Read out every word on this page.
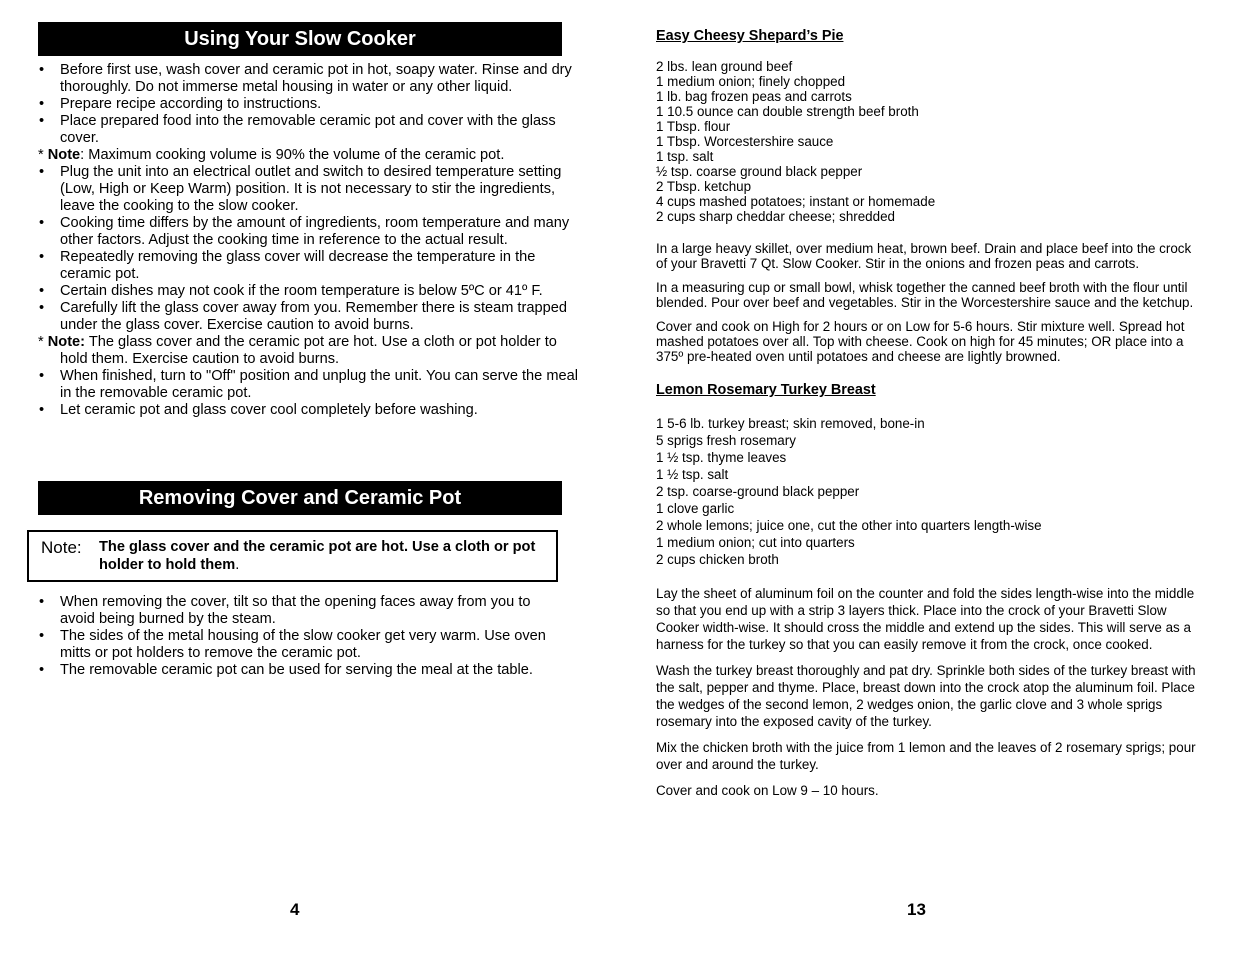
Using Your Slow Cooker
• Before first use, wash cover and ceramic pot in hot, soapy water. Rinse and dry thoroughly. Do not immerse metal housing in water or any other liquid.
• Prepare recipe according to instructions.
• Place prepared food into the removable ceramic pot and cover with the glass cover.
* Note: Maximum cooking volume is 90% the volume of the ceramic pot.
• Plug the unit into an electrical outlet and switch to desired temperature setting (Low, High or Keep Warm) position. It is not necessary to stir the ingredients, leave the cooking to the slow cooker.
• Cooking time differs by the amount of ingredients, room temperature and many other factors. Adjust the cooking time in reference to the actual result.
• Repeatedly removing the glass cover will decrease the temperature in the ceramic pot.
• Certain dishes may not cook if the room temperature is below 5ºC or 41º F.
• Carefully lift the glass cover away from you. Remember there is steam trapped under the glass cover. Exercise caution to avoid burns.
* Note: The glass cover and the ceramic pot are hot. Use a cloth or pot holder to hold them. Exercise caution to avoid burns.
• When finished, turn to "Off" position and unplug the unit. You can serve the meal in the removable ceramic pot.
• Let ceramic pot and glass cover cool completely before washing.
Removing Cover and Ceramic Pot
Note: The glass cover and the ceramic pot are hot. Use a cloth or pot holder to hold them.
• When removing the cover, tilt so that the opening faces away from you to avoid being burned by the steam.
• The sides of the metal housing of the slow cooker get very warm. Use oven mitts or pot holders to remove the ceramic pot.
• The removable ceramic pot can be used for serving the meal at the table.
4

Easy Cheesy Shepard’s Pie

2 lbs. lean ground beef
1 medium onion; finely chopped
1 lb. bag frozen peas and carrots
1 10.5 ounce can double strength beef broth
1 Tbsp. flour
1 Tbsp. Worcestershire sauce
1 tsp. salt
½ tsp. coarse ground black pepper
2 Tbsp. ketchup
4 cups mashed potatoes; instant or homemade
2 cups sharp cheddar cheese; shredded

In a large heavy skillet, over medium heat, brown beef. Drain and place beef into the crock of your Bravetti 7 Qt. Slow Cooker. Stir in the onions and frozen peas and carrots.

In a measuring cup or small bowl, whisk together the canned beef broth with the flour until blended. Pour over beef and vegetables. Stir in the Worcestershire sauce and the ketchup.

Cover and cook on High for 2 hours or on Low for 5-6 hours. Stir mixture well. Spread hot mashed potatoes over all. Top with cheese. Cook on high for 45 minutes; OR place into a 375º pre-heated oven until potatoes and cheese are lightly browned.

Lemon Rosemary Turkey Breast

1 5-6 lb. turkey breast; skin removed, bone-in
5 sprigs fresh rosemary
1 ½ tsp. thyme leaves
1 ½ tsp. salt
2 tsp. coarse-ground black pepper
1 clove garlic
2 whole lemons; juice one, cut the other into quarters length-wise
1 medium onion; cut into quarters
2 cups chicken broth

Lay the sheet of aluminum foil on the counter and fold the sides length-wise into the middle so that you end up with a strip 3 layers thick. Place into the crock of your Bravetti Slow Cooker width-wise. It should cross the middle and extend up the sides. This will serve as a harness for the turkey so that you can easily remove it from the crock, once cooked.

Wash the turkey breast thoroughly and pat dry. Sprinkle both sides of the turkey breast with the salt, pepper and thyme. Place, breast down into the crock atop the aluminum foil. Place the wedges of the second lemon, 2 wedges onion, the garlic clove and 3 whole sprigs rosemary into the exposed cavity of the turkey.

Mix the chicken broth with the juice from 1 lemon and the leaves of 2 rosemary sprigs; pour over and around the turkey.

Cover and cook on Low 9 – 10 hours.

13
